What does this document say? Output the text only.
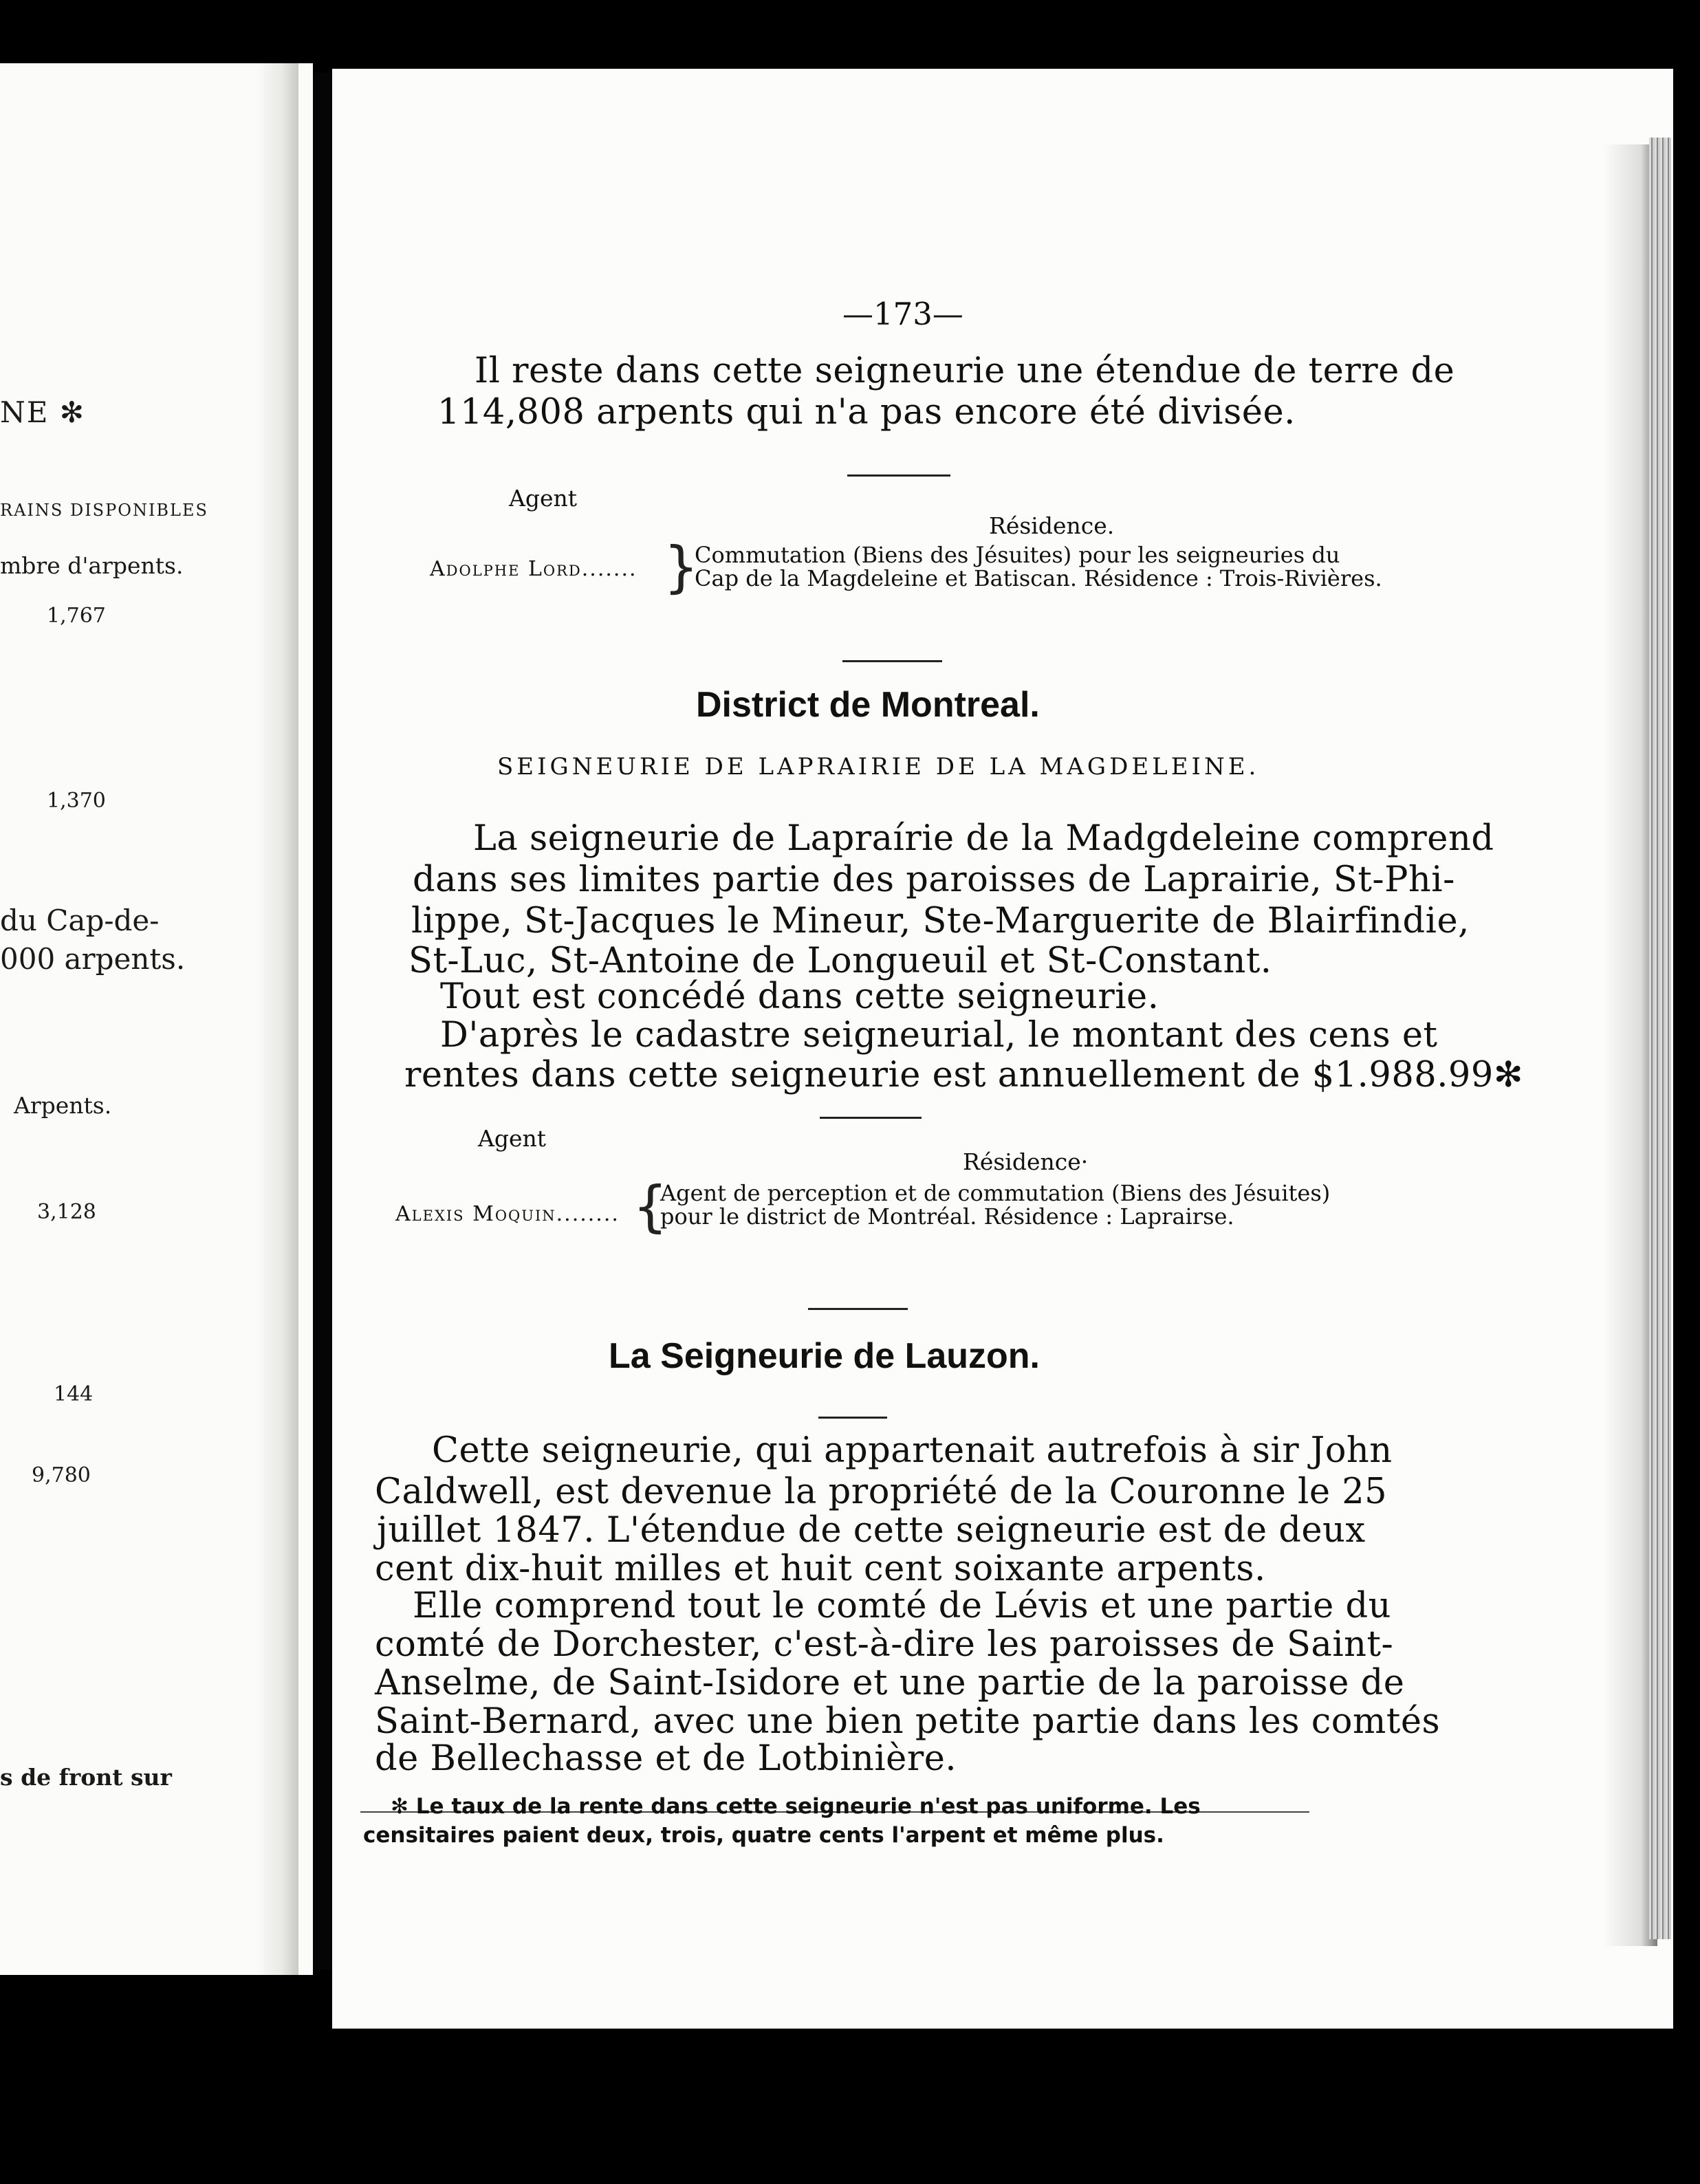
NE ✻
RAINS DISPONIBLES
mbre d'arpents.
1,767
1,370
du Cap-de-
000 arpents.
Arpents.
3,128
144
9,780
s de front sur
—173—
Il reste dans cette seigneurie une étendue de terre de
114,808 arpents qui n'a pas encore été divisée.
Agent
Résidence.
Adolphe Lord....... }
Commutation (Biens des Jésuites) pour les seigneuries du Cap de la Magdeleine et Batiscan. Résidence : Trois-Rivières.
District de Montreal.
SEIGNEURIE DE LAPRAIRIE DE LA MAGDELEINE.
La seigneurie de Lapraírie de la Madgdeleine comprend
dans ses limites partie des paroisses de Laprairie, St-Phi-
lippe, St-Jacques le Mineur, Ste-Marguerite de Blairfindie,
St-Luc, St-Antoine de Longueuil et St-Constant.
Tout est concédé dans cette seigneurie.
D'après le cadastre seigneurial, le montant des cens et
rentes dans cette seigneurie est annuellement de $1.988.99✻
Agent
Résidence·
Alexis Moquin........ {
Agent de perception et de commutation (Biens des Jésuites) pour le district de Montréal. Résidence : Laprairse.
La Seigneurie de Lauzon.
Cette seigneurie, qui appartenait autrefois à sir John
Caldwell, est devenue la propriété de la Couronne le 25
juillet 1847. L'étendue de cette seigneurie est de deux
cent dix-huit milles et huit cent soixante arpents.
Elle comprend tout le comté de Lévis et une partie du
comté de Dorchester, c'est-à-dire les paroisses de Saint-
Anselme, de Saint-Isidore et une partie de la paroisse de
Saint-Bernard, avec une bien petite partie dans les comtés
de Bellechasse et de Lotbinière.
✻ Le taux de la rente dans cette seigneurie n'est pas uniforme. Les censitaires paient deux, trois, quatre cents l'arpent et même plus.
